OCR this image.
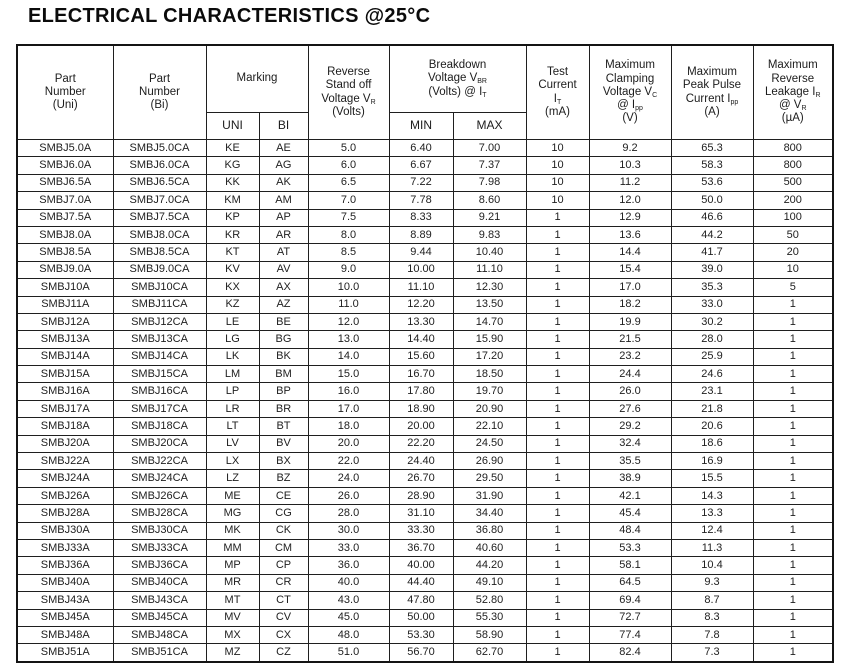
ELECTRICAL CHARACTERISTICS @25°C
Part
Number
(Uni)	Part
Number
(Bi)	Marking		Reverse
Stand off
Voltage $V_R$
(Volts)	Breakdown
Voltage $V_{BR}$
(Volts) @ $I_T$		Test
Current
$I_T$
(mA)	Maximum
Clamping
Voltage $V_C$
@ $I_{pp}$
(V)	Maximum
Peak Pulse
Current $I_{pp}$
(A)	Maximum
Reverse
Leakage $I_R$
@ $V_R$
(µA)
		UNI	BI		MIN	MAX				
SMBJ5.0A	SMBJ5.0CA	KE	AE	5.0	6.40	7.00	10	9.2	65.3	800
SMBJ6.0A	SMBJ6.0CA	KG	AG	6.0	6.67	7.37	10	10.3	58.3	800
SMBJ6.5A	SMBJ6.5CA	KK	AK	6.5	7.22	7.98	10	11.2	53.6	500
SMBJ7.0A	SMBJ7.0CA	KM	AM	7.0	7.78	8.60	10	12.0	50.0	200
SMBJ7.5A	SMBJ7.5CA	KP	AP	7.5	8.33	9.21	1	12.9	46.6	100
SMBJ8.0A	SMBJ8.0CA	KR	AR	8.0	8.89	9.83	1	13.6	44.2	50
SMBJ8.5A	SMBJ8.5CA	KT	AT	8.5	9.44	10.40	1	14.4	41.7	20
SMBJ9.0A	SMBJ9.0CA	KV	AV	9.0	10.00	11.10	1	15.4	39.0	10
SMBJ10A	SMBJ10CA	KX	AX	10.0	11.10	12.30	1	17.0	35.3	5
SMBJ11A	SMBJ11CA	KZ	AZ	11.0	12.20	13.50	1	18.2	33.0	1
SMBJ12A	SMBJ12CA	LE	BE	12.0	13.30	14.70	1	19.9	30.2	1
SMBJ13A	SMBJ13CA	LG	BG	13.0	14.40	15.90	1	21.5	28.0	1
SMBJ14A	SMBJ14CA	LK	BK	14.0	15.60	17.20	1	23.2	25.9	1
SMBJ15A	SMBJ15CA	LM	BM	15.0	16.70	18.50	1	24.4	24.6	1
SMBJ16A	SMBJ16CA	LP	BP	16.0	17.80	19.70	1	26.0	23.1	1
SMBJ17A	SMBJ17CA	LR	BR	17.0	18.90	20.90	1	27.6	21.8	1
SMBJ18A	SMBJ18CA	LT	BT	18.0	20.00	22.10	1	29.2	20.6	1
SMBJ20A	SMBJ20CA	LV	BV	20.0	22.20	24.50	1	32.4	18.6	1
SMBJ22A	SMBJ22CA	LX	BX	22.0	24.40	26.90	1	35.5	16.9	1
SMBJ24A	SMBJ24CA	LZ	BZ	24.0	26.70	29.50	1	38.9	15.5	1
SMBJ26A	SMBJ26CA	ME	CE	26.0	28.90	31.90	1	42.1	14.3	1
SMBJ28A	SMBJ28CA	MG	CG	28.0	31.10	34.40	1	45.4	13.3	1
SMBJ30A	SMBJ30CA	MK	CK	30.0	33.30	36.80	1	48.4	12.4	1
SMBJ33A	SMBJ33CA	MM	CM	33.0	36.70	40.60	1	53.3	11.3	1
SMBJ36A	SMBJ36CA	MP	CP	36.0	40.00	44.20	1	58.1	10.4	1
SMBJ40A	SMBJ40CA	MR	CR	40.0	44.40	49.10	1	64.5	9.3	1
SMBJ43A	SMBJ43CA	MT	CT	43.0	47.80	52.80	1	69.4	8.7	1
SMBJ45A	SMBJ45CA	MV	CV	45.0	50.00	55.30	1	72.7	8.3	1
SMBJ48A	SMBJ48CA	MX	CX	48.0	53.30	58.90	1	77.4	7.8	1
SMBJ51A	SMBJ51CA	MZ	CZ	51.0	56.70	62.70	1	82.4	7.3	1
